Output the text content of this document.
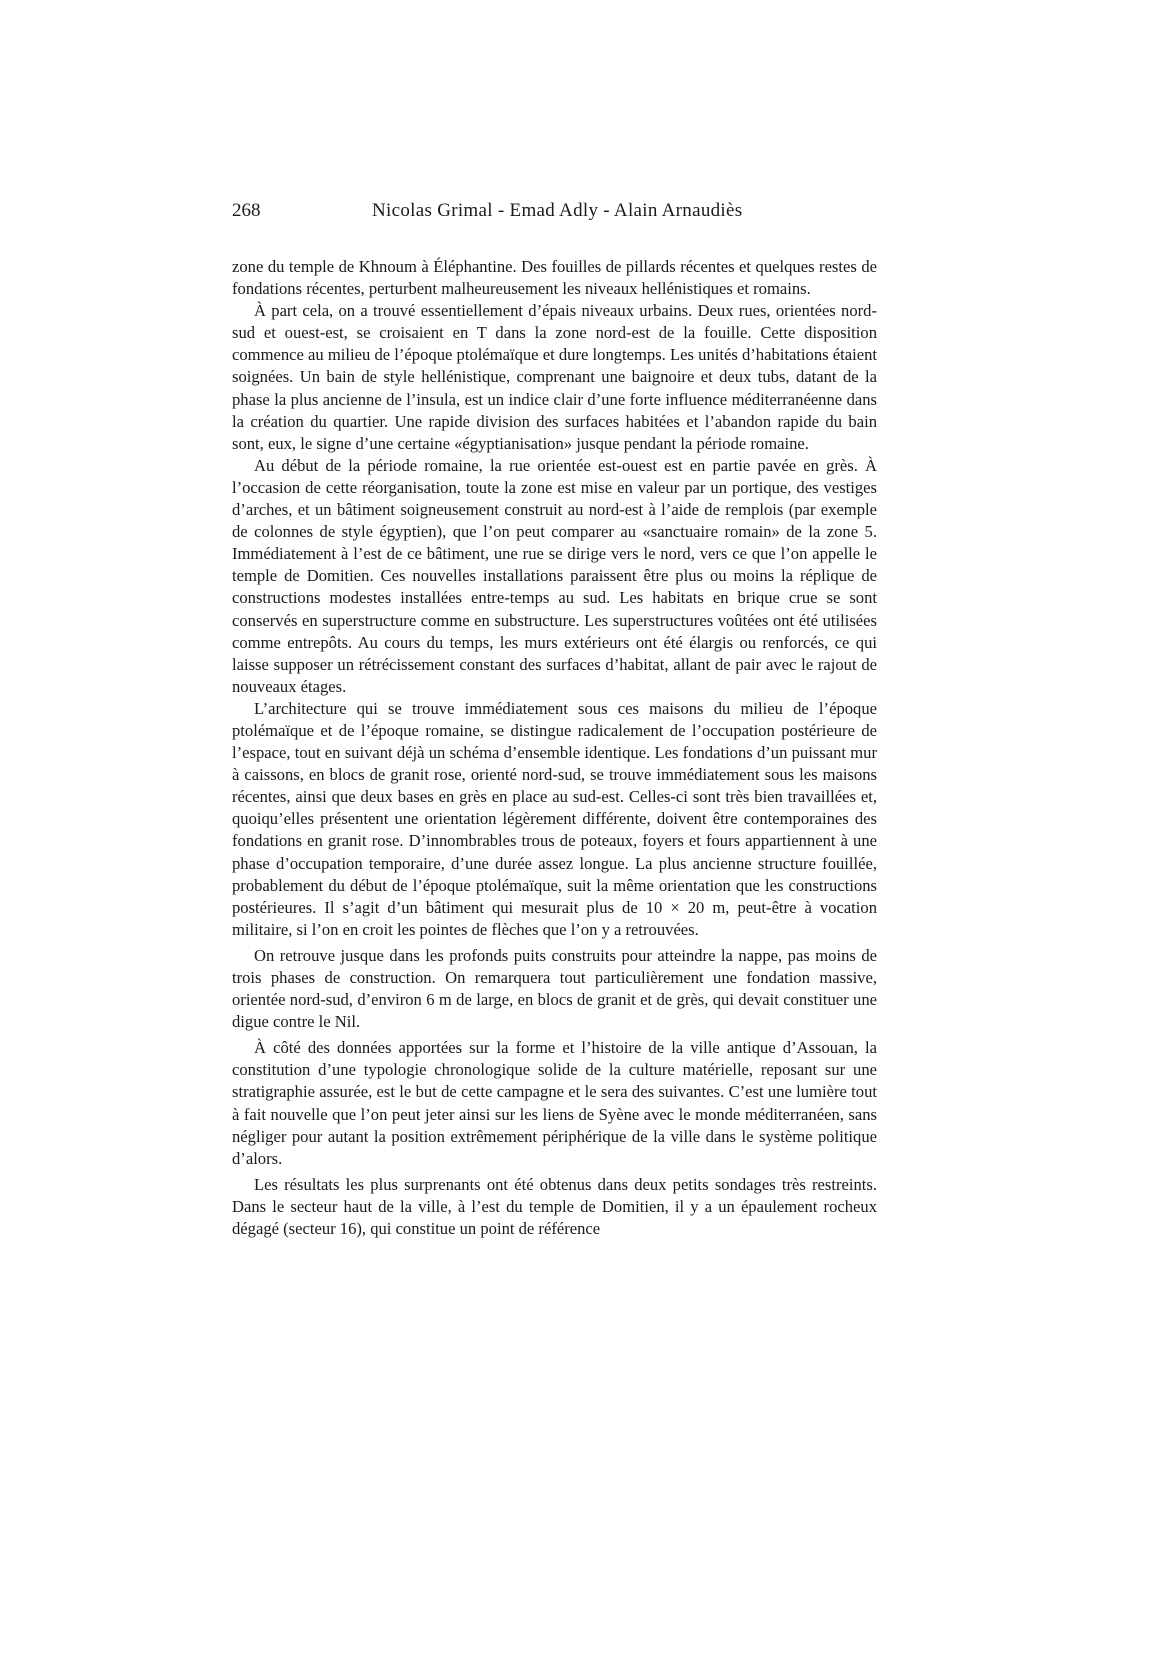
268	Nicolas Grimal - Emad Adly - Alain Arnaudiès

zone du temple de Khnoum à Éléphantine. Des fouilles de pillards récentes et quelques restes de fondations récentes, perturbent malheureusement les niveaux hellénistiques et romains.

À part cela, on a trouvé essentiellement d’épais niveaux urbains. Deux rues, orientées nord-sud et ouest-est, se croisaient en T dans la zone nord-est de la fouille. Cette disposition commence au milieu de l’époque ptolémaïque et dure longtemps. Les unités d’habitations étaient soignées. Un bain de style hellénistique, comprenant une baignoire et deux tubs, datant de la phase la plus ancienne de l’insula, est un indice clair d’une forte influence méditerranéenne dans la création du quartier. Une rapide division des surfaces habitées et l’abandon rapide du bain sont, eux, le signe d’une certaine «égyptianisation» jusque pendant la période romaine.

Au début de la période romaine, la rue orientée est-ouest est en partie pavée en grès. À l’occasion de cette réorganisation, toute la zone est mise en valeur par un portique, des vestiges d’arches, et un bâtiment soigneusement construit au nord-est à l’aide de remplois (par exemple de colonnes de style égyptien), que l’on peut comparer au «sanctuaire romain» de la zone 5. Immédiatement à l’est de ce bâtiment, une rue se dirige vers le nord, vers ce que l’on appelle le temple de Domitien. Ces nouvelles installations paraissent être plus ou moins la réplique de constructions modestes installées entre-temps au sud. Les habitats en brique crue se sont conservés en superstructure comme en substructure. Les superstructures voûtées ont été utilisées comme entrepôts. Au cours du temps, les murs extérieurs ont été élargis ou renforcés, ce qui laisse supposer un rétrécissement constant des surfaces d’habitat, allant de pair avec le rajout de nouveaux étages.

L’architecture qui se trouve immédiatement sous ces maisons du milieu de l’époque ptolémaïque et de l’époque romaine, se distingue radicalement de l’occupation postérieure de l’espace, tout en suivant déjà un schéma d’ensemble identique. Les fondations d’un puissant mur à caissons, en blocs de granit rose, orienté nord-sud, se trouve immédiatement sous les maisons récentes, ainsi que deux bases en grès en place au sud-est. Celles-ci sont très bien travaillées et, quoiqu’elles présentent une orientation légèrement différente, doivent être contemporaines des fondations en granit rose. D’innombrables trous de poteaux, foyers et fours appartiennent à une phase d’occupation temporaire, d’une durée assez longue. La plus ancienne structure fouillée, probablement du début de l’époque ptolémaïque, suit la même orientation que les constructions postérieures. Il s’agit d’un bâtiment qui mesurait plus de 10 × 20 m, peut-être à vocation militaire, si l’on en croit les pointes de flèches que l’on y a retrouvées.

On retrouve jusque dans les profonds puits construits pour atteindre la nappe, pas moins de trois phases de construction. On remarquera tout particulièrement une fondation massive, orientée nord-sud, d’environ 6 m de large, en blocs de granit et de grès, qui devait constituer une digue contre le Nil.

À côté des données apportées sur la forme et l’histoire de la ville antique d’Assouan, la constitution d’une typologie chronologique solide de la culture matérielle, reposant sur une stratigraphie assurée, est le but de cette campagne et le sera des suivantes. C’est une lumière tout à fait nouvelle que l’on peut jeter ainsi sur les liens de Syène avec le monde méditerranéen, sans négliger pour autant la position extrêmement périphérique de la ville dans le système politique d’alors.

Les résultats les plus surprenants ont été obtenus dans deux petits sondages très restreints. Dans le secteur haut de la ville, à l’est du temple de Domitien, il y a un épaulement rocheux dégagé (secteur 16), qui constitue un point de référence
